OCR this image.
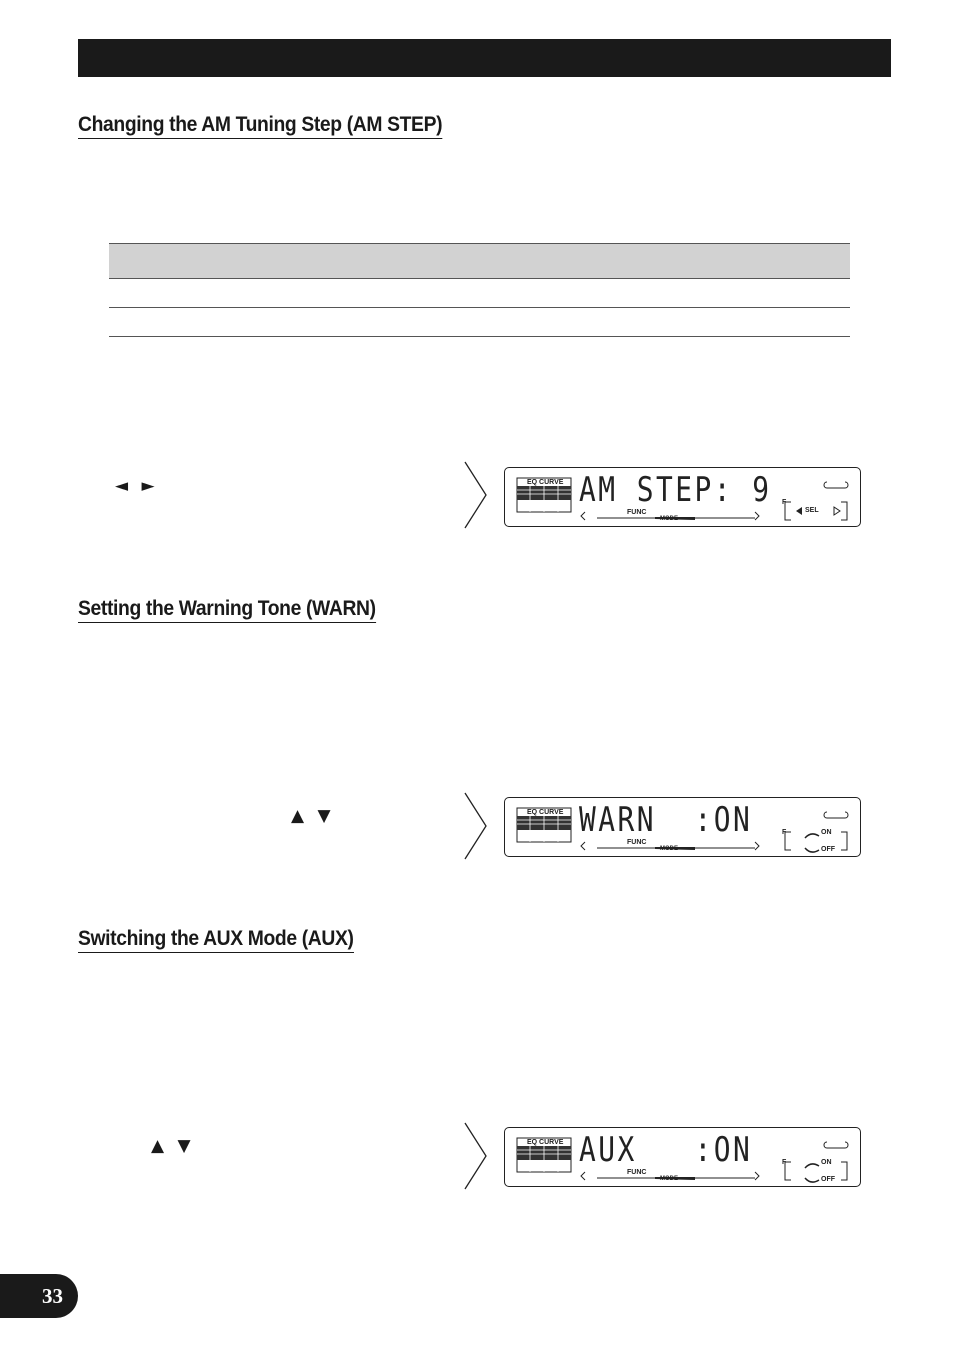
Changing the AM Tuning Step (AM STEP)
◄ ►	EQ CURVE AM STEP: 9
FUNC
MODE
F
SEL
Setting the Warning Tone (WARN)
▲ ▼	EQ CURVE WARN  :ON
FUNC
MODE
F	ON
OFF
Switching the AUX Mode (AUX)
▲ ▼	EQ CURVE AUX   :ON
FUNC
MODE
F	ON
OFF
33
